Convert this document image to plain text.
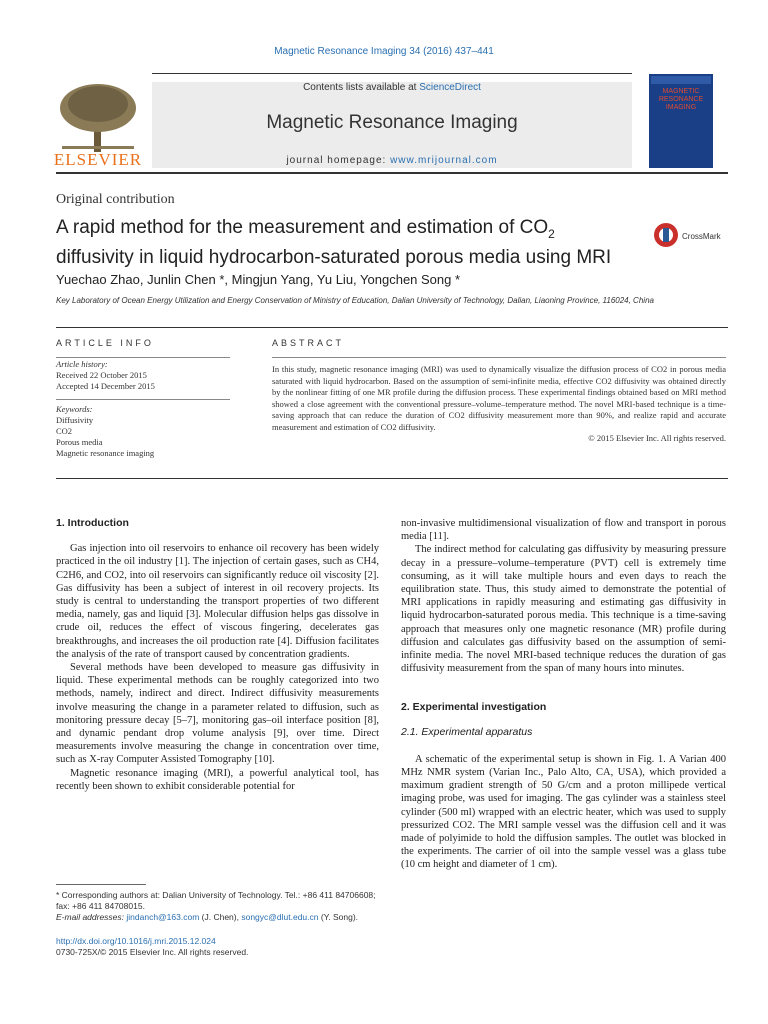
Magnetic Resonance Imaging 34 (2016) 437–441
ELSEVIER
Contents lists available at ScienceDirect
Magnetic Resonance Imaging
journal homepage: www.mrijournal.com
MAGNETIC RESONANCE IMAGING
Original contribution
A rapid method for the measurement and estimation of $CO_2$
diffusivity in liquid hydrocarbon-saturated porous media using MRI
CrossMark
Yuechao Zhao, Junlin Chen *, Mingjun Yang, Yu Liu, Yongchen Song *
Key Laboratory of Ocean Energy Utilization and Energy Conservation of Ministry of Education, Dalian University of Technology, Dalian, Liaoning Province, 116024, China
ARTICLE INFO
Article history:
Received 22 October 2015
Accepted 14 December 2015
Keywords:
Diffusivity
CO2
Porous media
Magnetic resonance imaging
ABSTRACT
In this study, magnetic resonance imaging (MRI) was used to dynamically visualize the diffusion process of CO2 in porous media saturated with liquid hydrocarbon. Based on the assumption of semi-infinite media, effective CO2 diffusivity was obtained directly by the nonlinear fitting of one MR profile during the diffusion process. These experimental findings obtained based on MRI method showed a close agreement with the conventional pressure–volume–temperature method. The novel MRI-based technique is a time-saving approach that can reduce the duration of CO2 diffusivity measurement more than 90%, and realize rapid and accurate measurement and estimation of CO2 diffusivity.
© 2015 Elsevier Inc. All rights reserved.
1. Introduction

Gas injection into oil reservoirs to enhance oil recovery has been widely practiced in the oil industry [1]. The injection of certain gases, such as CH4, C2H6, and CO2, into oil reservoirs can significantly reduce oil viscosity [2]. Gas diffusivity has been a subject of interest in oil recovery projects. Its study is central to understanding the transport properties of two different media, namely, gas and liquid [3]. Molecular diffusion helps gas dissolve in crude oil, reduces the effect of viscous fingering, decelerates gas breakthroughs, and increases the oil production rate [4]. Diffusion facilitates the analysis of the rate of transport caused by concentration gradients.

Several methods have been developed to measure gas diffusivity in liquid. These experimental methods can be roughly categorized into two methods, namely, indirect and direct. Indirect diffusivity measurements involve measuring the change in a parameter related to diffusion, such as monitoring pressure decay [5–7], monitoring gas–oil interface position [8], and dynamic pendant drop volume analysis [9], over time. Direct measurements involve measuring the change in concentration over time, such as X-ray Computer Assisted Tomography [10].

Magnetic resonance imaging (MRI), a powerful analytical tool, has recently been shown to exhibit considerable potential for

non-invasive multidimensional visualization of flow and transport in porous media [11].

The indirect method for calculating gas diffusivity by measuring pressure decay in a pressure–volume–temperature (PVT) cell is extremely time consuming, as it will take multiple hours and even days to reach the equilibration state. Thus, this study aimed to demonstrate the potential of MRI applications in rapidly measuring and estimating gas diffusivity in liquid hydrocarbon-saturated porous media. This technique is a time-saving approach that measures only one magnetic resonance (MR) profile during diffusion and calculates gas diffusivity based on the assumption of semi-infinite media. The novel MRI-based technique reduces the duration of gas diffusivity measurement from the span of many hours into minutes.

2. Experimental investigation
2.1. Experimental apparatus

A schematic of the experimental setup is shown in Fig. 1. A Varian 400 MHz NMR system (Varian Inc., Palo Alto, CA, USA), which provided a maximum gradient strength of 50 G/cm and a proton millipede vertical imaging probe, was used for imaging. The gas cylinder was a stainless steel cylinder (500 ml) wrapped with an electric heater, which was used to supply pressurized CO2. The MRI sample vessel was the diffusion cell and it was made of polyimide to hold the diffusion samples. The outlet was blocked in the experiments. The carrier of oil into the sample vessel was a glass tube (10 cm height and diameter of 1 cm).

* Corresponding authors at: Dalian University of Technology. Tel.: +86 411 84706608; fax: +86 411 84708015.
E-mail addresses: jindanch@163.com (J. Chen), songyc@dlut.edu.cn (Y. Song).
http://dx.doi.org/10.1016/j.mri.2015.12.024
0730-725X/© 2015 Elsevier Inc. All rights reserved.
